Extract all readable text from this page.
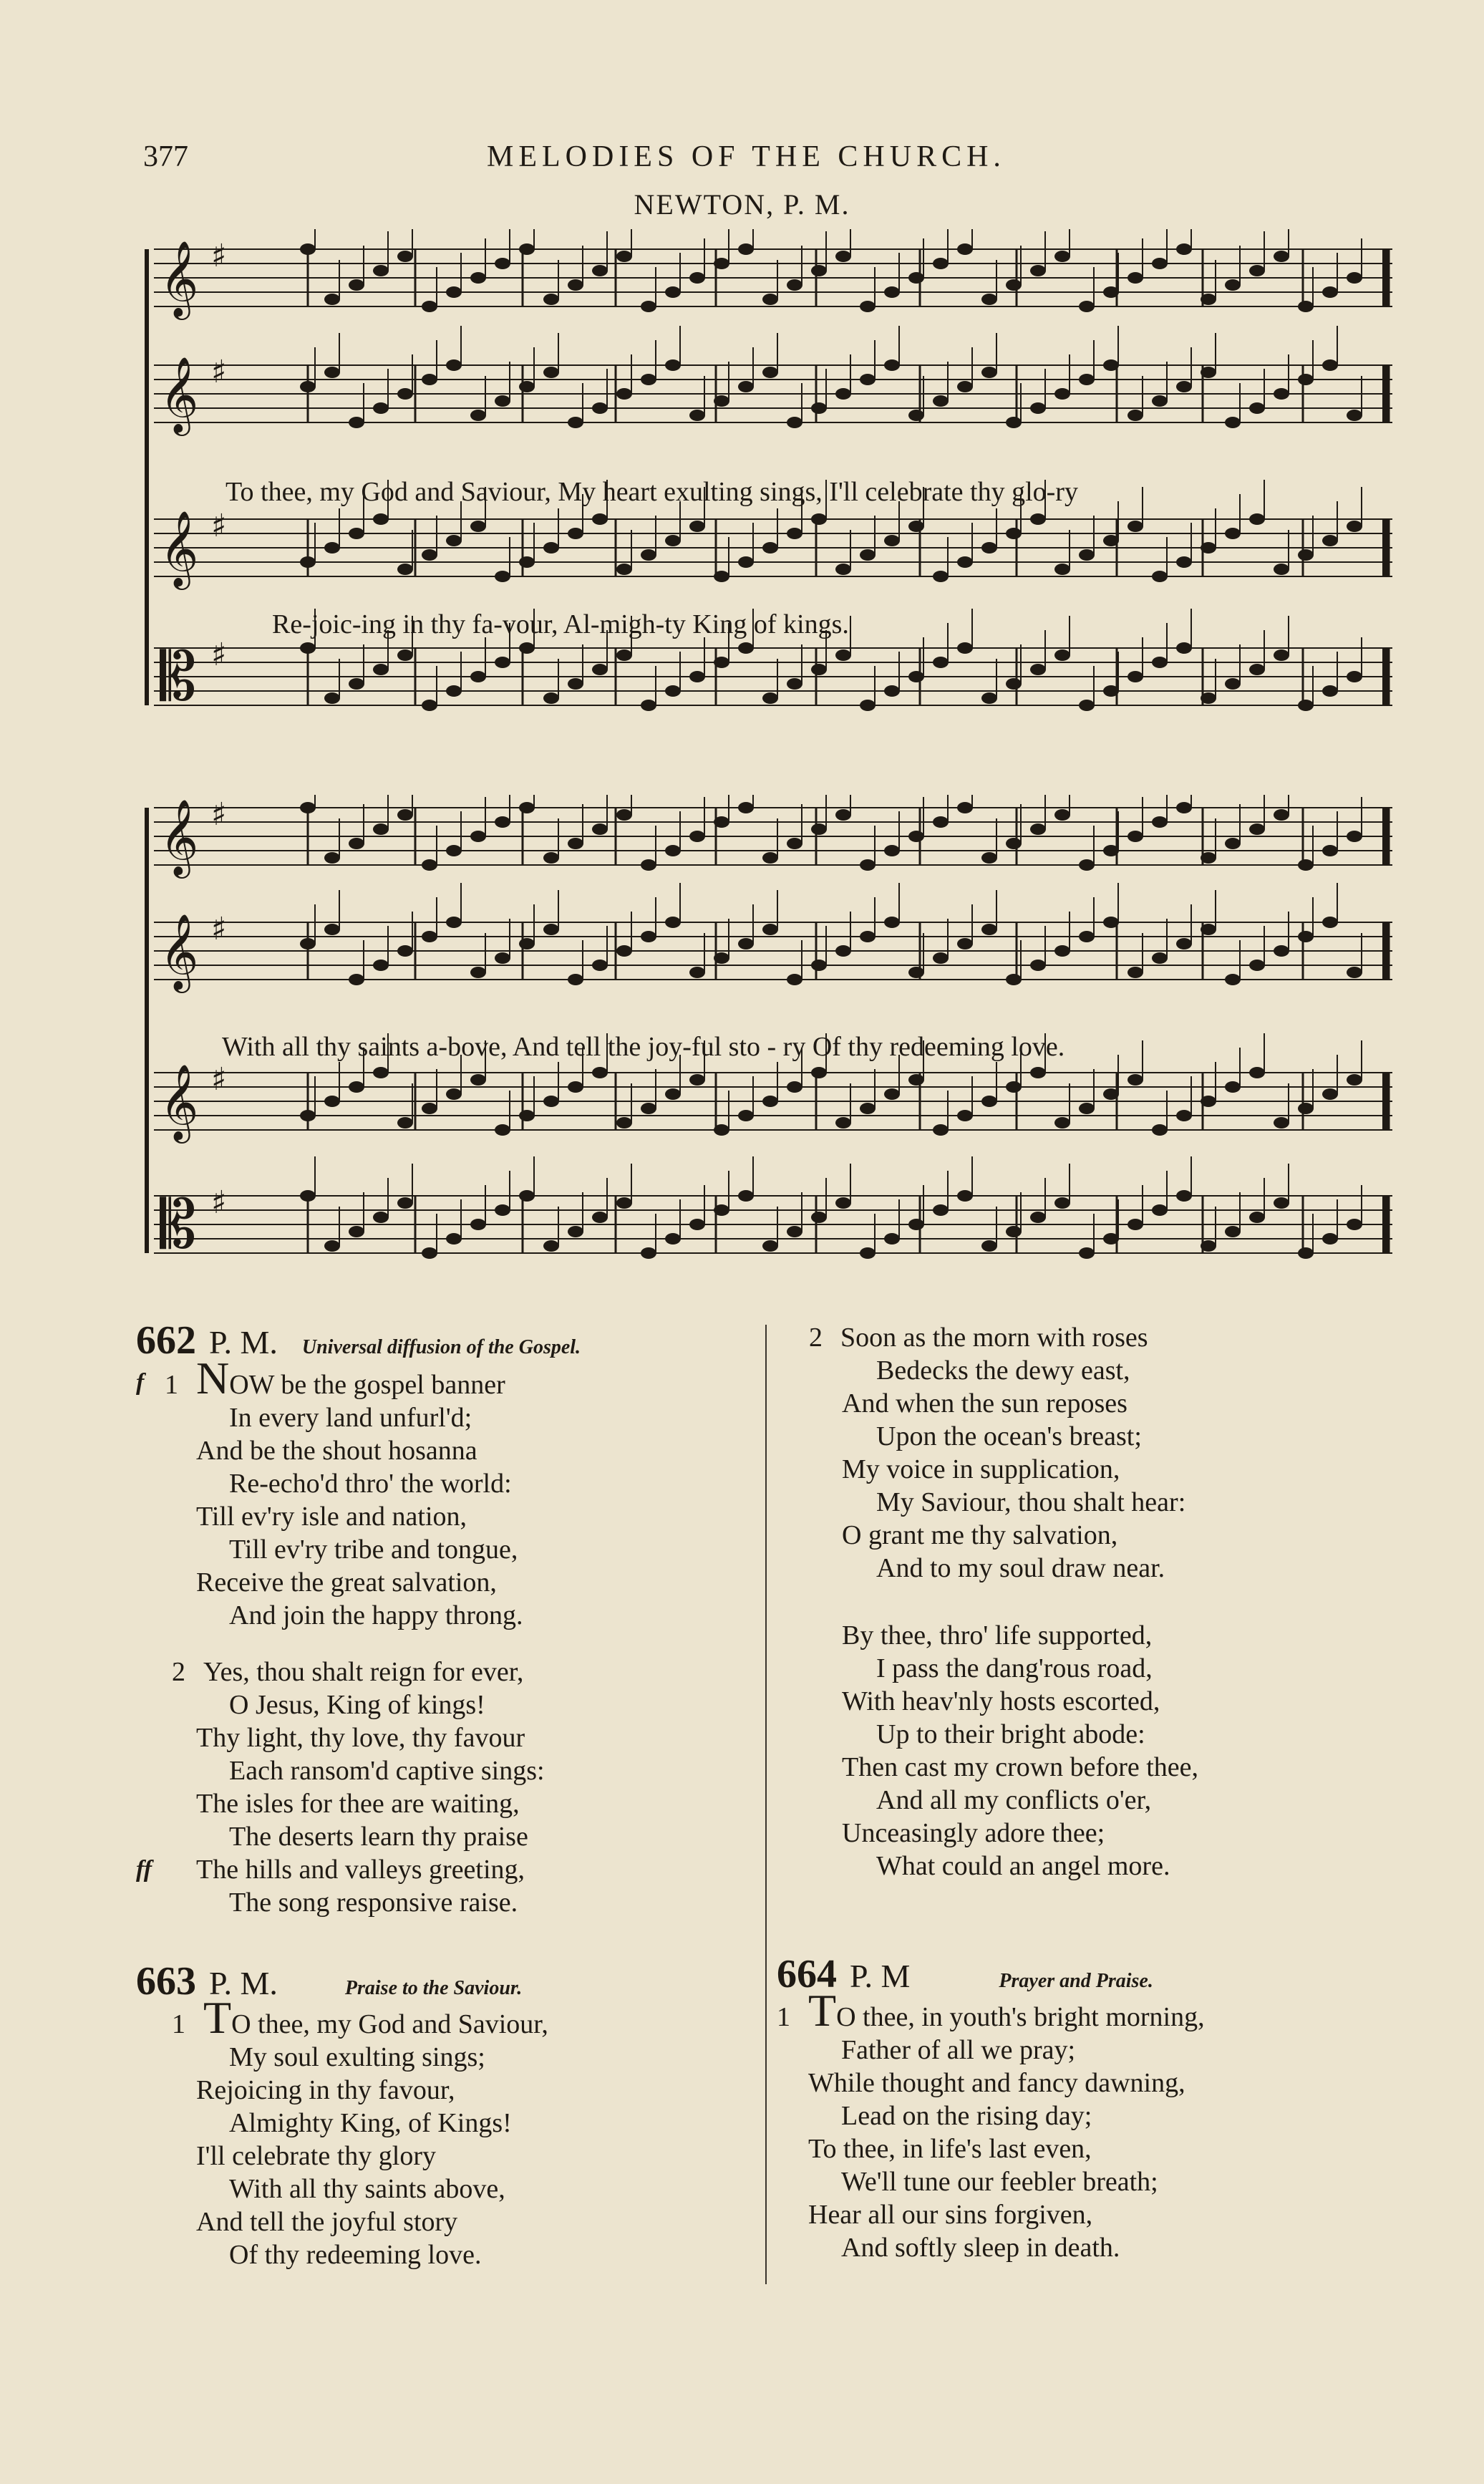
377	MELODIES OF THE CHURCH.
NEWTON, P. M.
𝄞 ♯
𝄞 ♯
𝄞 ♯
𝄡 ♯
To thee, my God and Saviour, My heart exulting sings, I'll celebrate thy glo-ry
Re-joic-ing in thy fa-vour, Al-migh-ty King of kings.
𝄞 ♯
𝄞 ♯
𝄞 ♯
𝄡 ♯
With all thy saints a-bove, And tell the joy-ful sto - ry Of thy redeeming love.
662 P. M. Universal diffusion of the Gospel.
f 1 NOW be the gospel banner
In every land unfurl'd;
And be the shout hosanna
Re-echo'd thro' the world:
Till ev'ry isle and nation,
Till ev'ry tribe and tongue,
Receive the great salvation,
And join the happy throng.
ff
2 Yes, thou shalt reign for ever,
O Jesus, King of kings!
Thy light, thy love, thy favour
Each ransom'd captive sings:
The isles for thee are waiting,
The deserts learn thy praise
The hills and valleys greeting,
The song responsive raise.
663 P. M.	Praise to the Saviour.
1 TO thee, my God and Saviour,
My soul exulting sings;
Rejoicing in thy favour,
Almighty King, of Kings!
I'll celebrate thy glory
With all thy saints above,
And tell the joyful story
Of thy redeeming love.
2 Soon as the morn with roses
Bedecks the dewy east,
And when the sun reposes
Upon the ocean's breast;
My voice in supplication,
My Saviour, thou shalt hear:
O grant me thy salvation,
And to my soul draw near.
By thee, thro' life supported,
I pass the dang'rous road,
With heav'nly hosts escorted,
Up to their bright abode:
Then cast my crown before thee,
And all my conflicts o'er,
Unceasingly adore thee;
What could an angel more.
664 P. M	Prayer and Praise.
1 TO thee, in youth's bright morning,
Father of all we pray;
While thought and fancy dawning,
Lead on the rising day;
To thee, in life's last even,
We'll tune our feebler breath;
Hear all our sins forgiven,
And softly sleep in death.
